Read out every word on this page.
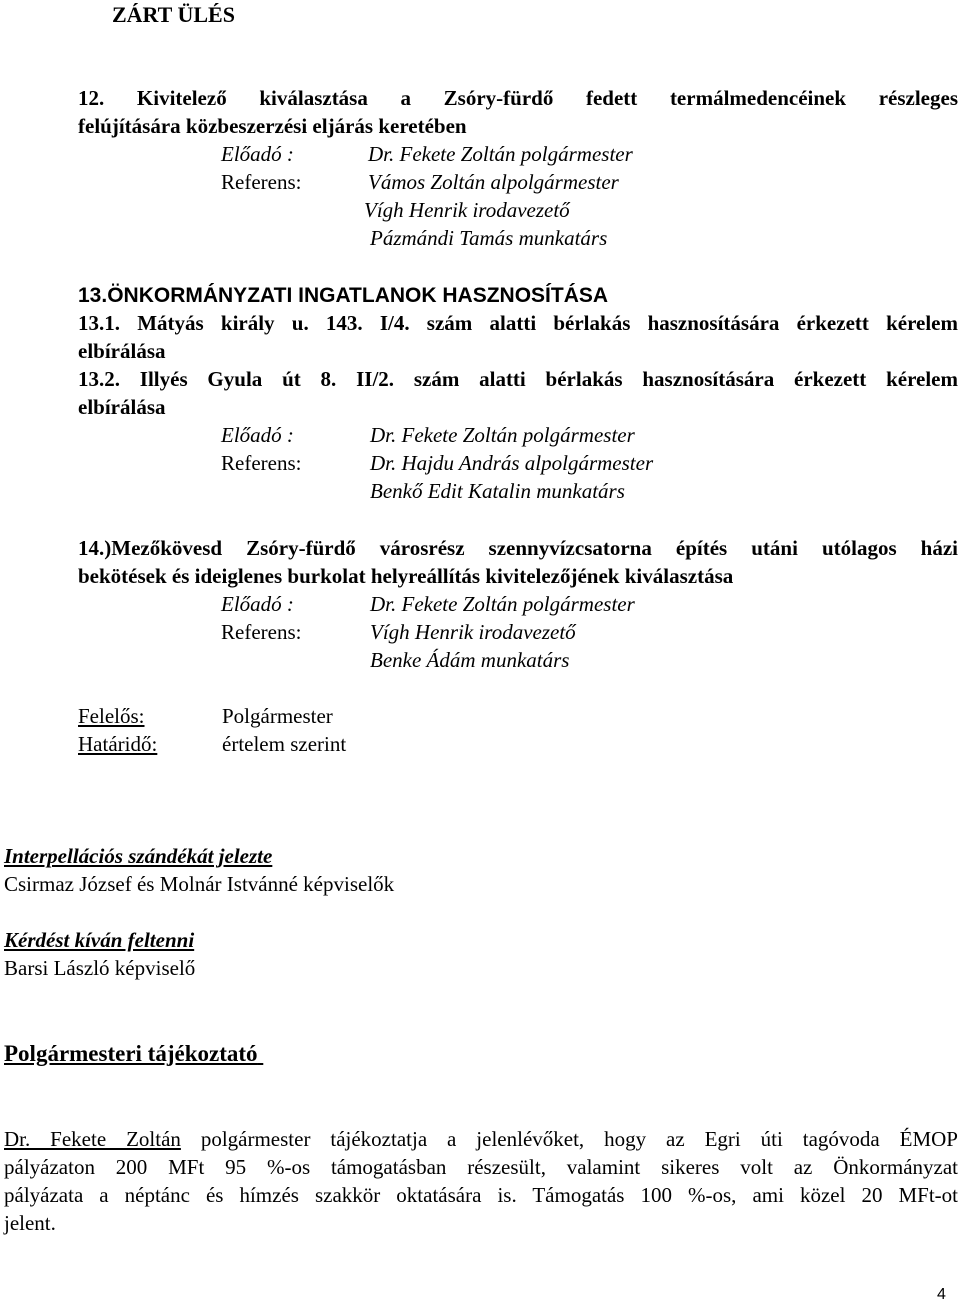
ZÁRT ÜLÉS
12. Kivitelező kiválasztása a Zsóry-fürdő fedett termálmedencéinek részleges
felújítására közbeszerzési eljárás keretében
Előadó :	Dr. Fekete Zoltán polgármester
Referens:	Vámos Zoltán alpolgármester
Vígh Henrik irodavezető
Pázmándi Tamás munkatárs
13.ÖNKORMÁNYZATI INGATLANOK HASZNOSÍTÁSA
13.1. Mátyás király u. 143. I/4. szám alatti bérlakás hasznosítására érkezett kérelem
elbírálása
13.2. Illyés Gyula út 8. II/2. szám alatti bérlakás hasznosítására érkezett kérelem
elbírálása
Előadó :	Dr. Fekete Zoltán polgármester
Referens:	Dr. Hajdu András alpolgármester
Benkő Edit Katalin munkatárs
14.)Mezőkövesd Zsóry-fürdő városrész szennyvízcsatorna építés utáni utólagos házi
bekötések és ideiglenes burkolat helyreállítás kivitelezőjének kiválasztása
Előadó :	Dr. Fekete Zoltán polgármester
Referens:	Vígh Henrik irodavezető
Benke Ádám munkatárs
Felelős:	Polgármester
Határidő:	értelem szerint
Interpellációs szándékát jelezte
Csirmaz József és Molnár Istvánné képviselők
Kérdést kíván feltenni
Barsi László képviselő
Polgármesteri tájékoztató
Dr. Fekete Zoltán polgármester tájékoztatja a jelenlévőket, hogy az Egri úti tagóvoda ÉMOP
pályázaton 200 MFt 95 %-os támogatásban részesült, valamint sikeres volt az Önkormányzat
pályázata a néptánc és hímzés szakkör oktatására is. Támogatás 100 %-os, ami közel 20 MFt-ot
jelent.
4
